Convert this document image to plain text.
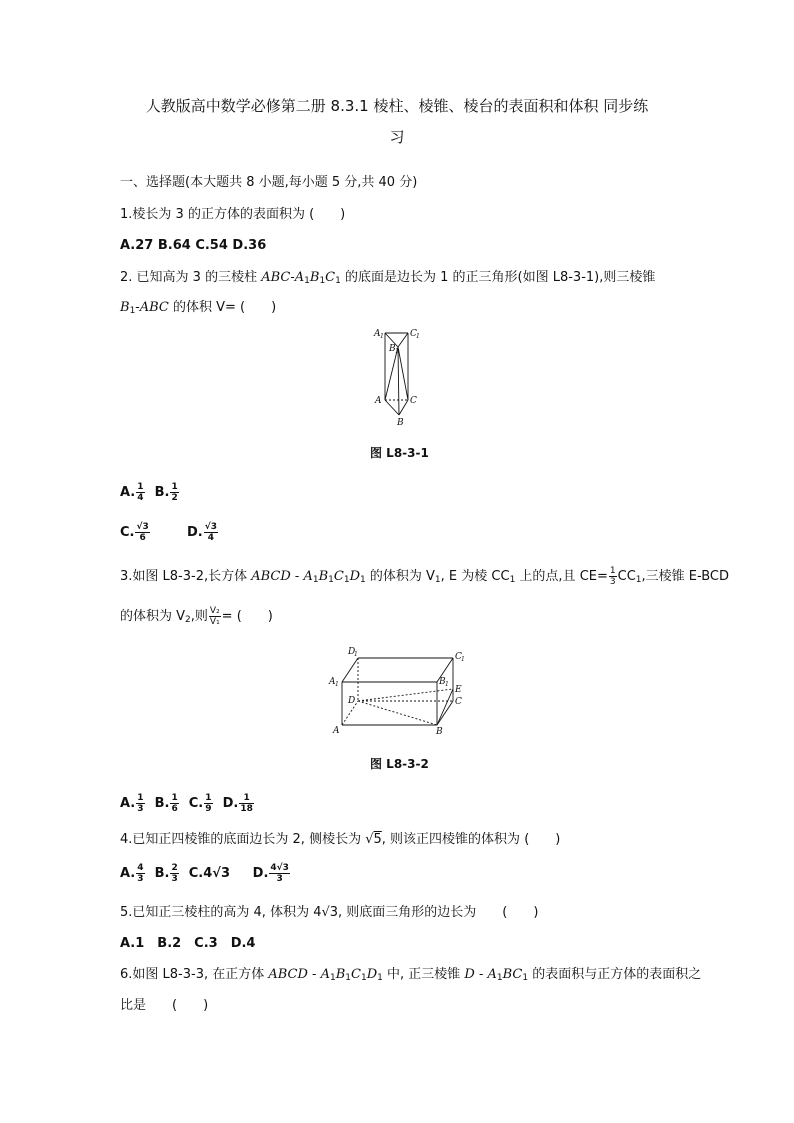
人教版高中数学必修第二册 8.3.1 棱柱、棱锥、棱台的表面积和体积 同步练
习
一、选择题(本大题共 8 小题,每小题 5 分,共 40 分)
1.棱长为 3 的正方体的表面积为 (　　)
A.27 B.64 C.54 D.36
2. 已知高为 3 的三棱柱 ABC-$A_1B_1C_1$ 的底面是边长为 1 的正三角形(如图 L8-3-1),则三棱锥
$B_1$-ABC 的体积 V= (　　)
A 1	C 1
B 1
A	C
B
图 L8-3-1
A. $\frac{1}{4} B$. $\frac{1}{2}$
C. $\frac{√3}{6}$	D. $\frac{√3}{4}$
3.如图 L8-3-2,长方体 ABCD - $A_1B_1C_1D_1$ 的体积为 $V_1$, E 为棱 $CC_1$ 上的点,且 $CE= \frac{1}{3} CC_1$,三棱锥 E-BCD
的体积为 $V_2$,则 $\frac{\text{V₂}}{\text{V₁}}$ = (　　)
D
1	C 1
A 1	B 1
D
E
C
A	B
图 L8-3-2
A. $\frac{1}{3} B$. $\frac{1}{6} C$. $\frac{1}{9} D$. $\frac{1}{18}$
4.已知正四棱锥的底面边长为 2, 侧棱长为 √5, 则该正四棱锥的体积为 (　　)
A. $\frac{4}{3} B$. $\frac{2}{3} C.4√3$ D. $\frac{4√3}{3}$
5.已知正三棱柱的高为 4, 体积为 4√3, 则底面三角形的边长为　　(　　)
A.1　B.2　C.3　D.4
6.如图 L8-3-3, 在正方体 ABCD - $A_1B_1C_1D_1$ 中, 正三棱锥 D - $A_1BC_1$ 的表面积与正方体的表面积之
比是　　(　　)
